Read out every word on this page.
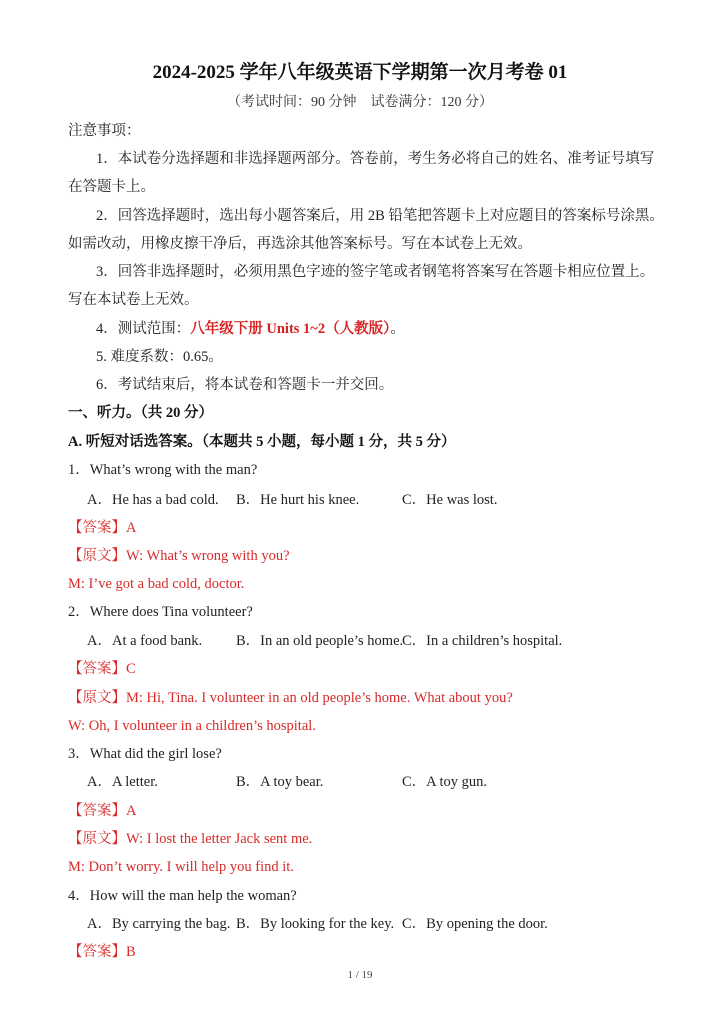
2024-2025 学年八年级英语下学期第一次月考卷 01
（考试时间：90 分钟　试卷满分：120 分）
注意事项：
1．本试卷分选择题和非选择题两部分。答卷前，考生务必将自己的姓名、准考证号填写
在答题卡上。
2．回答选择题时，选出每小题答案后，用 2B 铅笔把答题卡上对应题目的答案标号涂黑。
如需改动，用橡皮擦干净后，再选涂其他答案标号。写在本试卷上无效。
3．回答非选择题时，必须用黑色字迹的签字笔或者钢笔将答案写在答题卡相应位置上。
写在本试卷上无效。
4．测试范围：八年级下册 Units 1~2（人教版）。
5. 难度系数：0.65。
6．考试结束后，将本试卷和答题卡一并交回。
一、听力。（共 20 分）
A. 听短对话选答案。（本题共 5 小题，每小题 1 分，共 5 分）
1．What’s wrong with the man?
A．He has a bad cold. B．He hurt his knee.	C．He was lost.
【答案】A
【原文】W: What’s wrong with you?
M: I’ve got a bad cold, doctor.
2．Where does Tina volunteer?
A．At a food bank. B．In an old people’s home.
C．In a children’s hospital.
【答案】C
【原文】M: Hi, Tina. I volunteer in an old people’s home. What about you?
W: Oh, I volunteer in a children’s hospital.
3．What did the girl lose?
A．A letter.	B．A toy bear.	C．A toy gun.
【答案】A
【原文】W: I lost the letter Jack sent me.
M: Don’t worry. I will help you find it.
4．How will the man help the woman?
A．By carrying the bag. B．By looking for the key. C．By opening the door.
【答案】B
1 / 19
